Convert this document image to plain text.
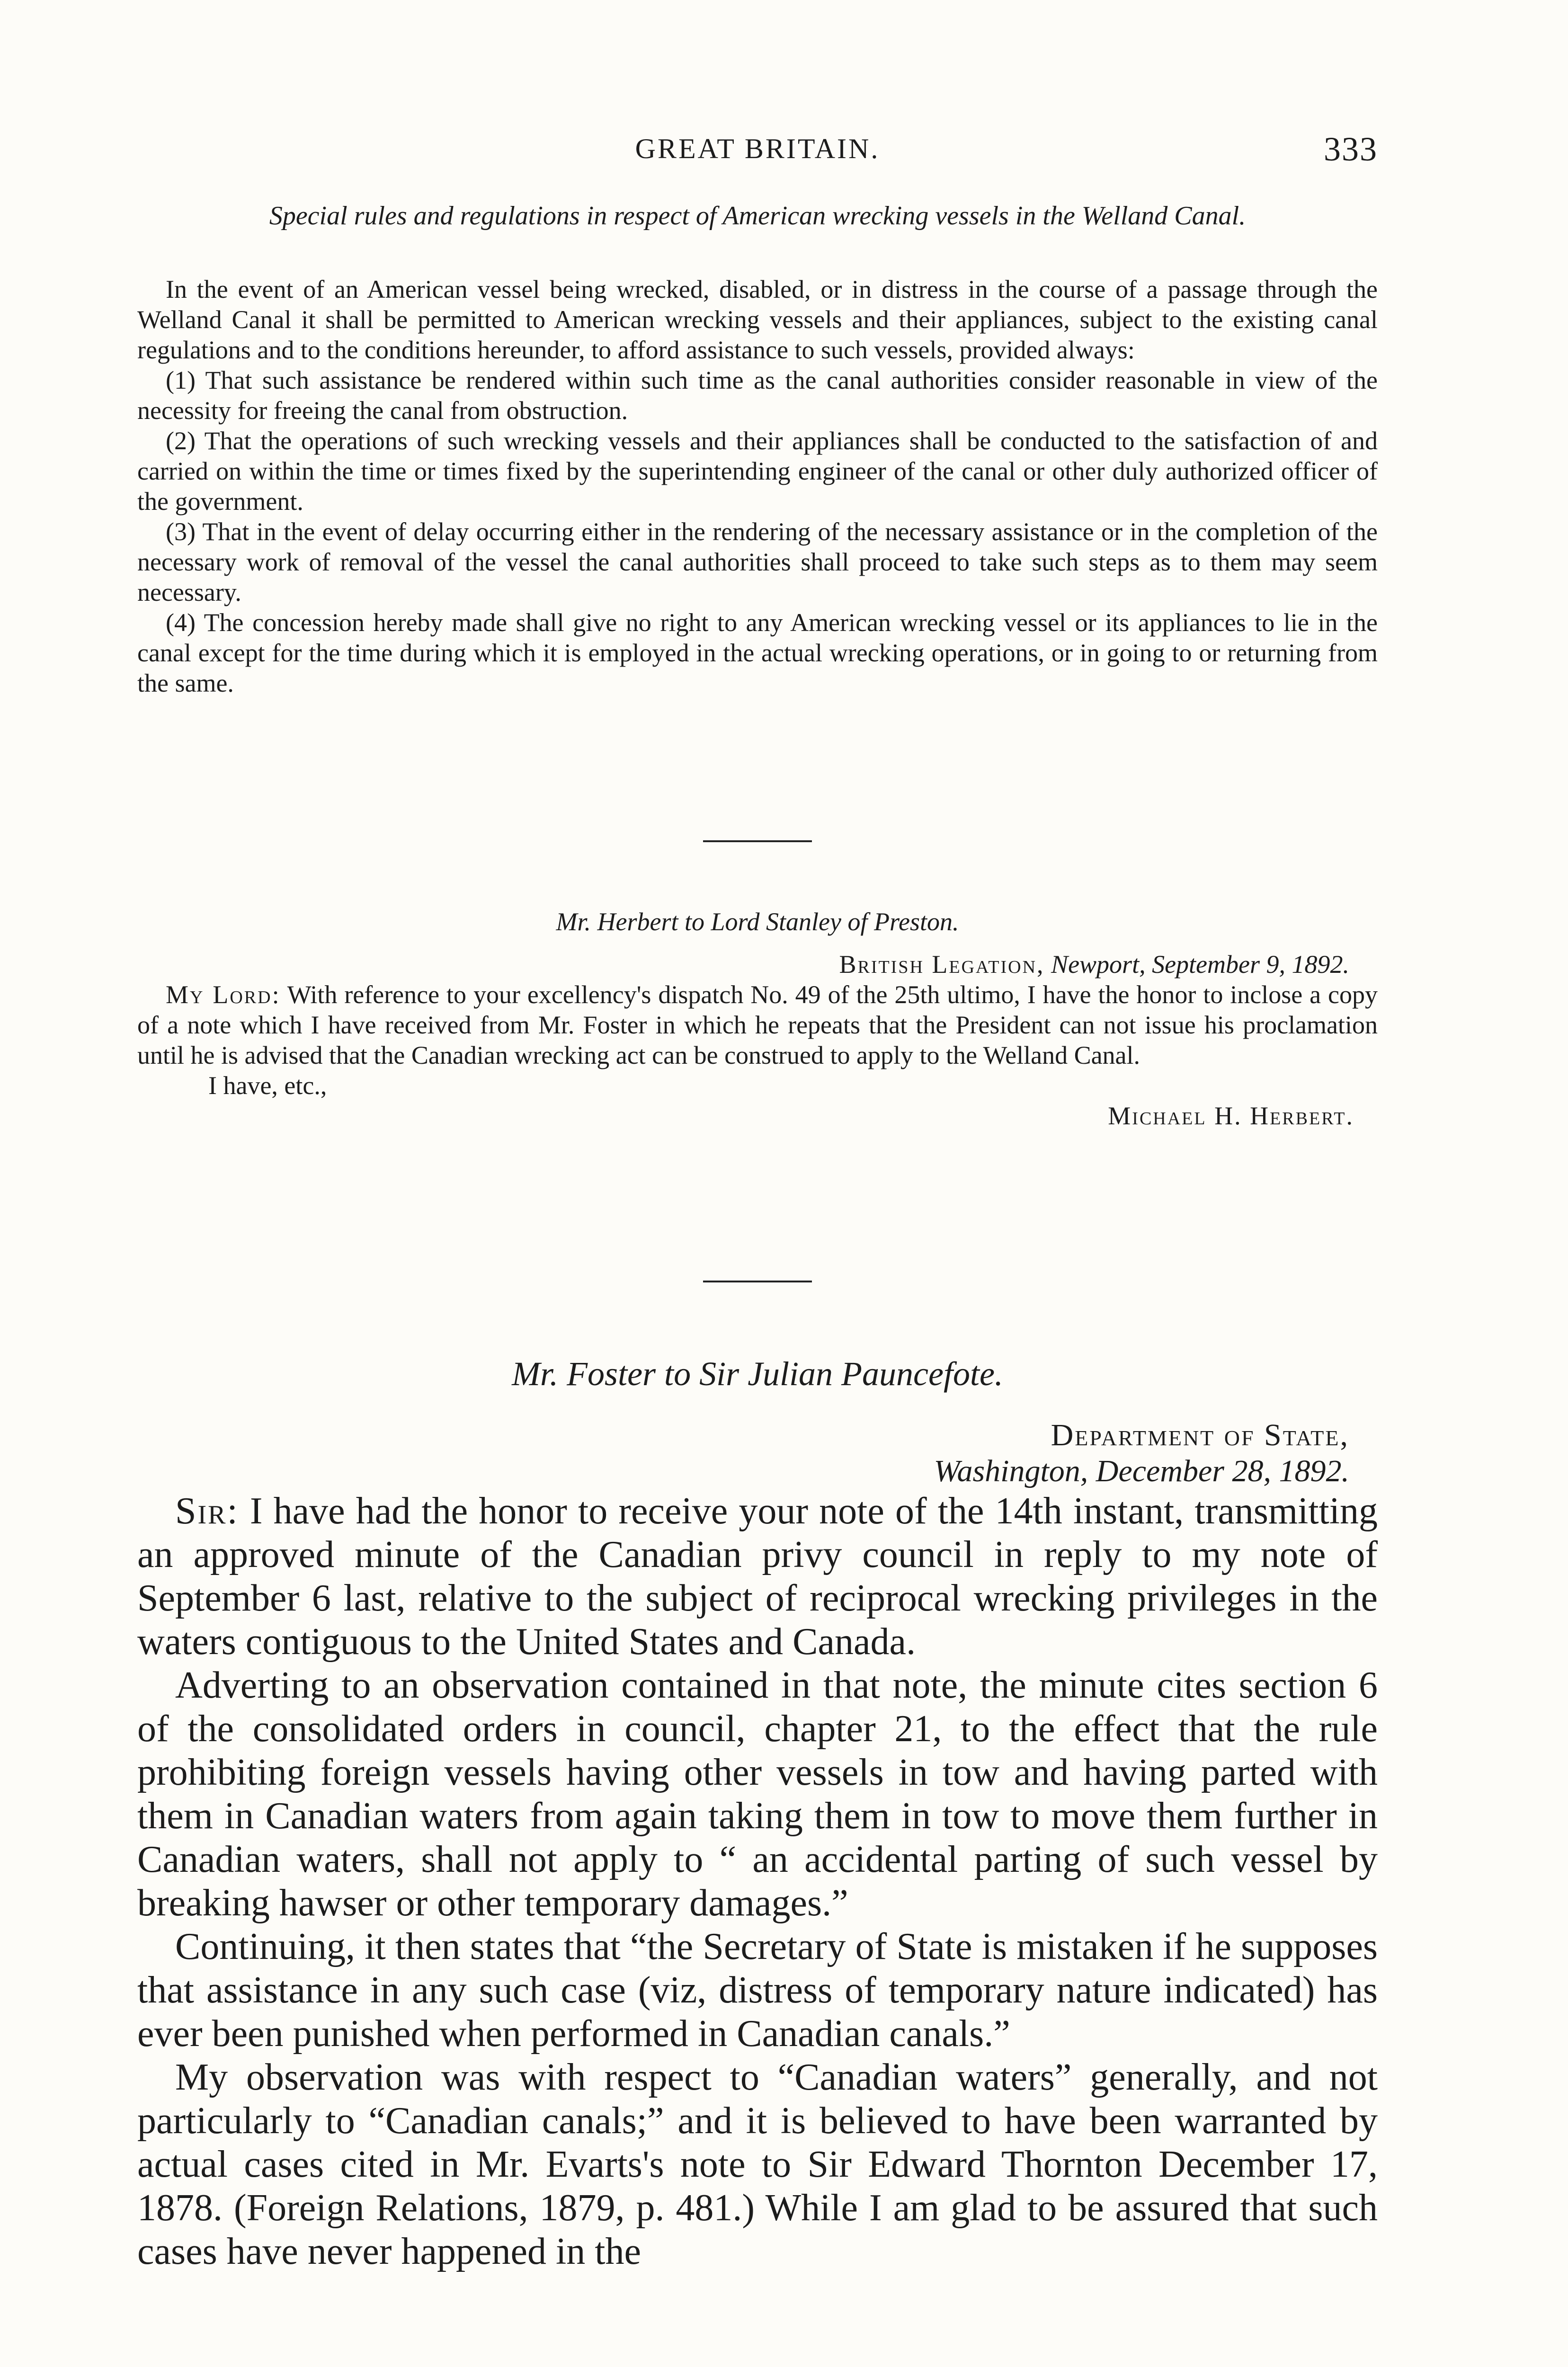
GREAT BRITAIN.	333

Special rules and regulations in respect of American wrecking vessels in the Welland Canal.

In the event of an American vessel being wrecked, disabled, or in distress in the course of a passage through the Welland Canal it shall be permitted to American wrecking vessels and their appliances, subject to the existing canal regulations and to the conditions hereunder, to afford assistance to such vessels, provided always:

(1) That such assistance be rendered within such time as the canal authorities consider reasonable in view of the necessity for freeing the canal from obstruction.

(2) That the operations of such wrecking vessels and their appliances shall be conducted to the satisfaction of and carried on within the time or times fixed by the superintending engineer of the canal or other duly authorized officer of the government.

(3) That in the event of delay occurring either in the rendering of the necessary assistance or in the completion of the necessary work of removal of the vessel the canal authorities shall proceed to take such steps as to them may seem necessary.

(4) The concession hereby made shall give no right to any American wrecking vessel or its appliances to lie in the canal except for the time during which it is employed in the actual wrecking operations, or in going to or returning from the same.

Mr. Herbert to Lord Stanley of Preston.

British Legation, Newport, September 9, 1892.

My Lord: With reference to your excellency's dispatch No. 49 of the 25th ultimo, I have the honor to inclose a copy of a note which I have received from Mr. Foster in which he repeats that the President can not issue his proclamation until he is advised that the Canadian wrecking act can be construed to apply to the Welland Canal.

I have, etc.,

Michael H. Herbert.

Mr. Foster to Sir Julian Pauncefote.

Department of State,

Washington, December 28, 1892.

Sir: I have had the honor to receive your note of the 14th instant, transmitting an approved minute of the Canadian privy council in reply to my note of September 6 last, relative to the subject of reciprocal wrecking privileges in the waters contiguous to the United States and Canada.

Adverting to an observation contained in that note, the minute cites section 6 of the consolidated orders in council, chapter 21, to the effect that the rule prohibiting foreign vessels having other vessels in tow and having parted with them in Canadian waters from again taking them in tow to move them further in Canadian waters, shall not apply to “ an accidental parting of such vessel by breaking hawser or other temporary damages.”

Continuing, it then states that “the Secretary of State is mistaken if he supposes that assistance in any such case (viz, distress of temporary nature indicated) has ever been punished when performed in Canadian canals.”

My observation was with respect to “Canadian waters” generally, and not particularly to “Canadian canals;” and it is believed to have been warranted by actual cases cited in Mr. Evarts's note to Sir Edward Thornton December 17, 1878. (Foreign Relations, 1879, p. 481.) While I am glad to be assured that such cases have never happened in the
